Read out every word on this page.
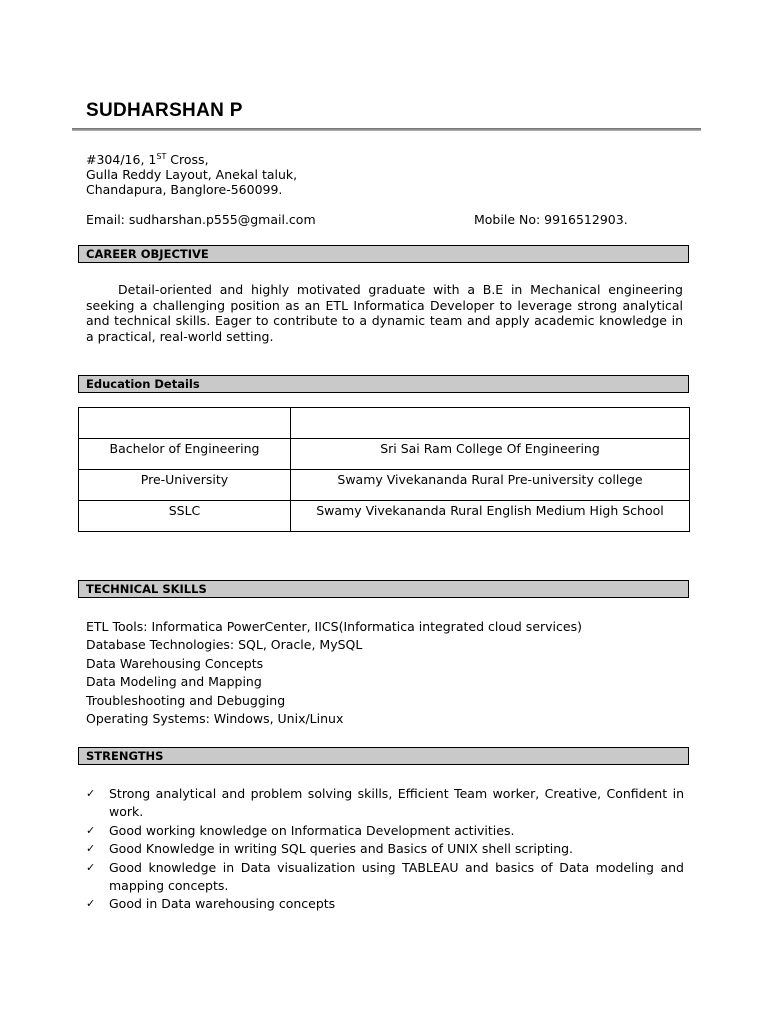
SUDHARSHAN P
#304/16, 1ST Cross,
Gulla Reddy Layout, Anekal taluk,
Chandapura, Banglore-560099.
Email: sudharshan.p555@gmail.com	Mobile No: 9916512903.
CAREER OBJECTIVE
Detail-oriented and highly motivated graduate with a B.E in Mechanical engineering seeking a challenging position as an ETL Informatica Developer to leverage strong analytical and technical skills. Eager to contribute to a dynamic team and apply academic knowledge in a practical, real-world setting.
Education Details

Bachelor of Engineering	Sri Sai Ram College Of Engineering
Pre-University	Swamy Vivekananda Rural Pre-university college
SSLC	Swamy Vivekananda Rural English Medium High School
TECHNICAL SKILLS
ETL Tools: Informatica PowerCenter, IICS(Informatica integrated cloud services)
Database Technologies: SQL, Oracle, MySQL
Data Warehousing Concepts
Data Modeling and Mapping
Troubleshooting and Debugging
Operating Systems: Windows, Unix/Linux
STRENGTHS
✓ Strong analytical and problem solving skills, Efficient Team worker, Creative, Confident in work.
✓ Good working knowledge on Informatica Development activities.
✓ Good Knowledge in writing SQL queries and Basics of UNIX shell scripting.
✓ Good knowledge in Data visualization using TABLEAU and basics of Data modeling and mapping concepts.
✓ Good in Data warehousing concepts
